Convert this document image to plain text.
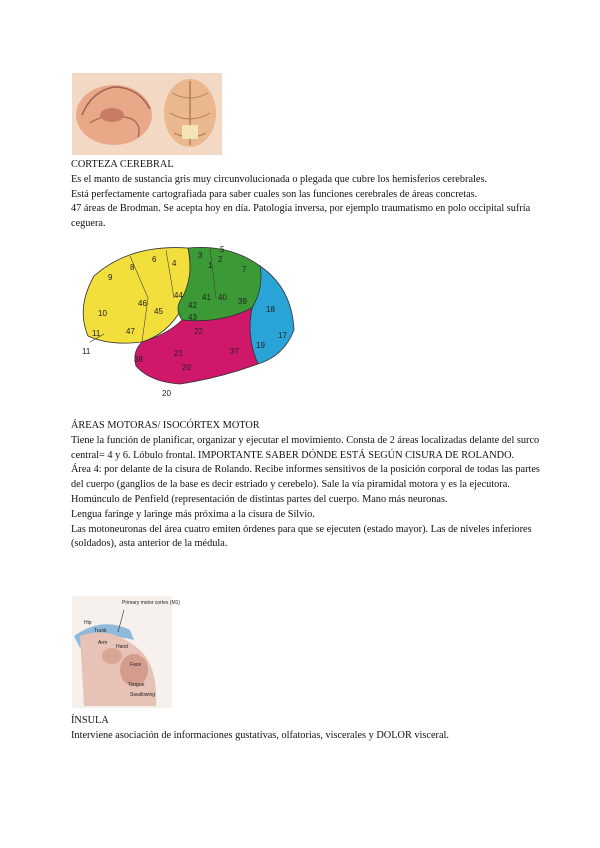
CORTEZA CEREBRAL

Es el manto de sustancia gris muy circunvolucionada o plegada que cubre los hemisferios cerebrales.

Está perfectamente cartografiada para saber cuales son las funciones cerebrales de áreas concretas.

47 áreas de Brodman. Se acepta hoy en día. Patología inversa, por ejemplo traumatismo en polo occipital sufría ceguera.

4
6
8
9
3
1
2
5
7
40 39
41
42
44
45
46
10
11	47
43
22
21
20
37
38
18
17
19
11
20

ÁREAS MOTORAS/ ISOCÓRTEX MOTOR

Tiene la función de planificar, organizar y ejecutar el movimiento. Consta de 2 áreas localizadas delante del surco central= 4 y 6. Lóbulo frontal. IMPORTANTE SABER DÓNDE ESTÁ SEGÚN CISURA DE ROLANDO.

Área 4: por delante de la cisura de Rolando. Recibe informes sensitivos de la posición corporal de todas las partes del cuerpo (ganglios de la base es decir estriado y cerebelo). Sale la vía piramidal motora y es la ejecutora.

Homúnculo de Penfield (representación de distintas partes del cuerpo. Mano más neuronas.

Lengua faringe y laringe más próxima a la cisura de Silvio.

Las motoneuronas del área cuatro emiten órdenes para que se ejecuten (estado mayor). Las de niveles inferiores (soldados), asta anterior de la médula.

Primary motor cortex (M1)
Hip
Trunk
Arm
Hand
Face
Tongue
Swallowing

ÍNSULA

Interviene asociación de informaciones gustativas, olfatorias, viscerales y DOLOR visceral.
